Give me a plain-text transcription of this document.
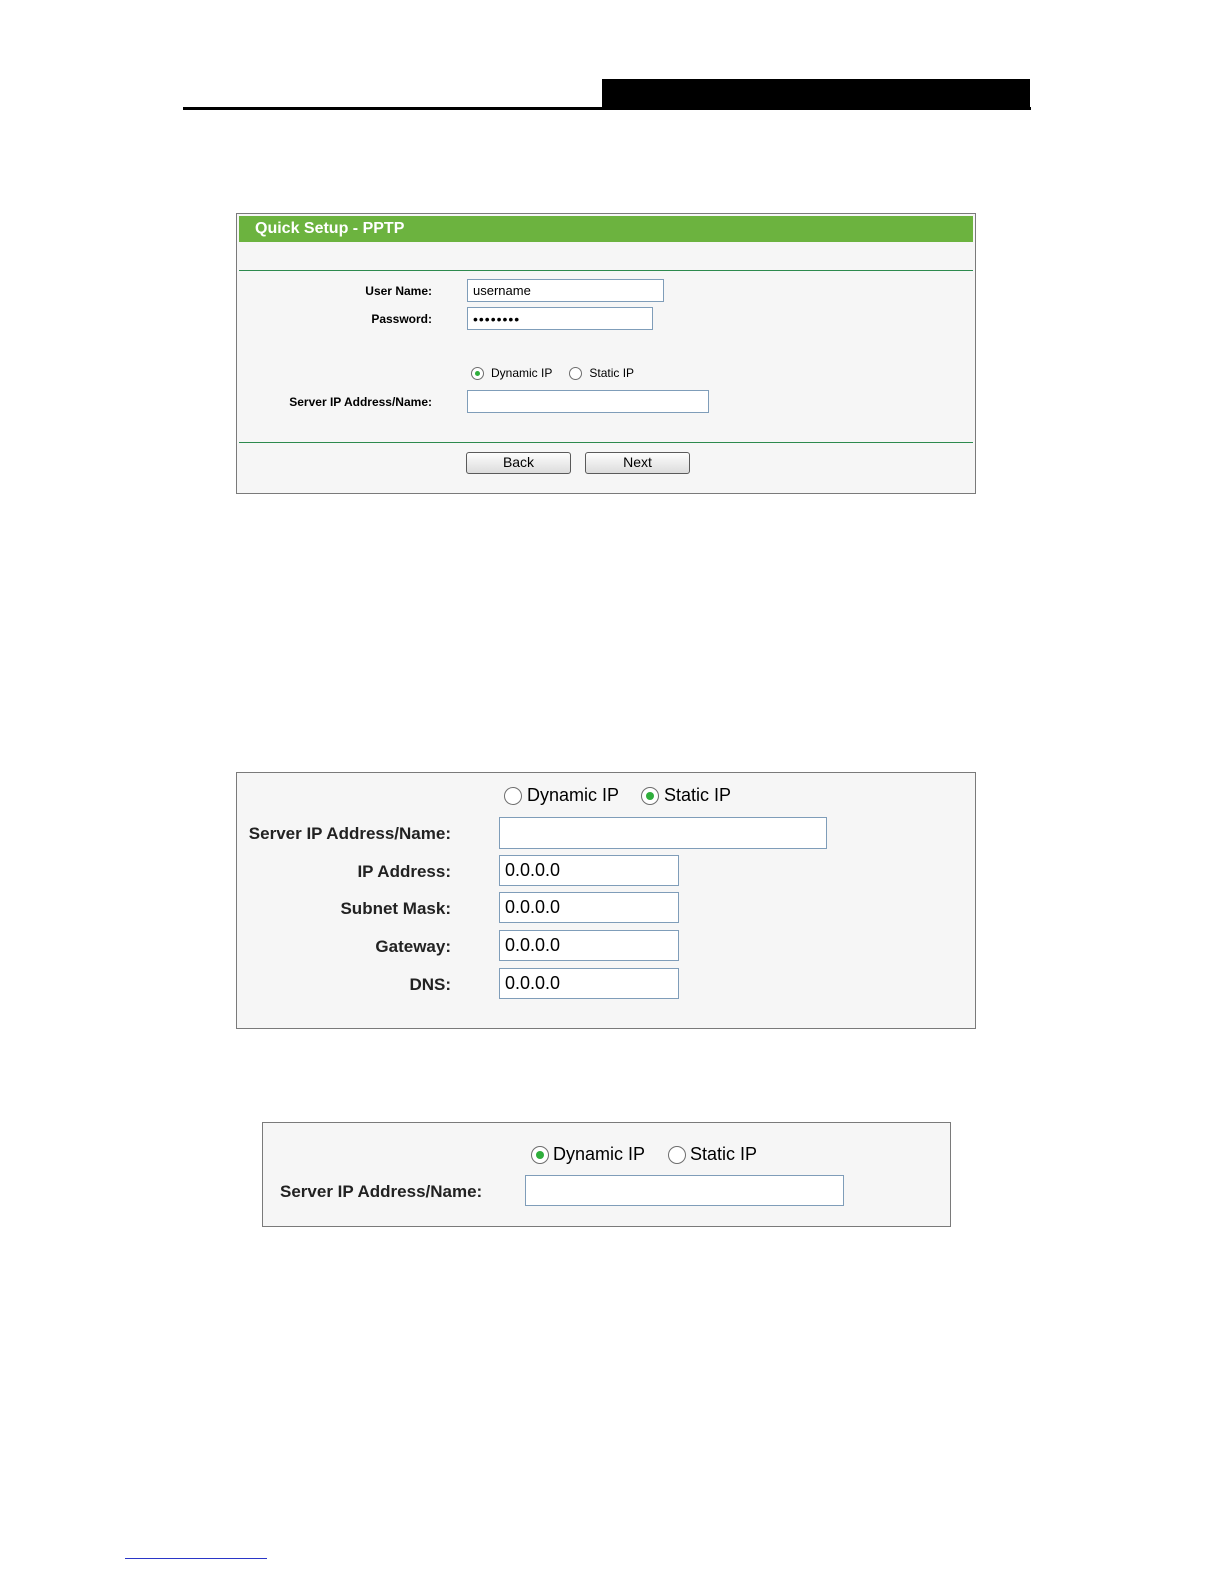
Quick Setup - PPTP
User Name:
username
Password:
••••••••
Dynamic IP	Static IP
Server IP Address/Name:
Back	Next
Dynamic IP	Static IP
Server IP Address/Name:
IP Address:
0.0.0.0
Subnet Mask:
0.0.0.0
Gateway:
0.0.0.0
DNS:
0.0.0.0
Dynamic IP	Static IP
Server IP Address/Name:
